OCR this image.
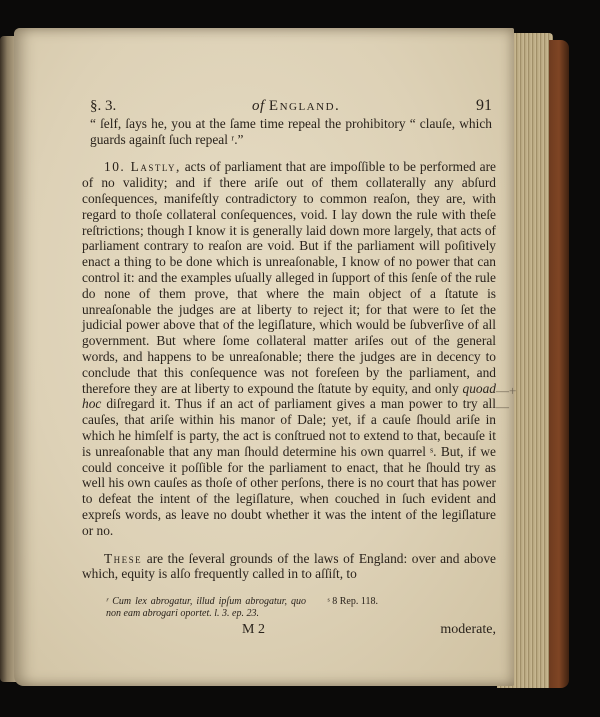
§. 3.	of England.	91

“ ſelf, ſays he, you at the ſame time repeal the prohibitory “ clauſe, which guards againſt ſuch repeal ʳ.”

10. Lastly, acts of parliament that are impoſſible to be performed are of no validity; and if there ariſe out of them collaterally any abſurd conſequences, manifeſtly contradictory to common reaſon, they are, with regard to thoſe collateral conſequences, void. I lay down the rule with theſe reſtrictions; though I know it is generally laid down more largely, that acts of parliament contrary to reaſon are void. But if the parliament will poſitively enact a thing to be done which is unreaſonable, I know of no power that can control it: and the examples uſually alleged in ſupport of this ſenſe of the rule do none of them prove, that where the main object of a ſtatute is unreaſonable the judges are at liberty to reject it; for that were to ſet the judicial power above that of the legiſlature, which would be ſubverſive of all government. But where ſome collateral matter ariſes out of the general words, and happens to be unreaſonable; there the judges are in decency to conclude that this conſequence was not foreſeen by the parliament, and therefore they are at liberty to expound the ſtatute by equity, and only quoad hoc diſregard it. Thus if an act of parliament gives a man power to try all cauſes, that ariſe within his manor of Dale; yet, if a cauſe ſhould ariſe in which he himſelf is party, the act is conſtrued not to extend to that, becauſe it is unreaſonable that any man ſhould determine his own quarrel ˢ. But, if we could conceive it poſſible for the parliament to enact, that he ſhould try as well his own cauſes as thoſe of other perſons, there is no court that has power to defeat the intent of the legiſlature, when couched in ſuch evident and expreſs words, as leave no doubt whether it was the intent of the legiſlature or no.

These are the ſeveral grounds of the laws of England: over and above which, equity is alſo frequently called in to aſſiſt, to

ʳ Cum lex abrogatur, illud ipſum abrogatur, quo non eam abrogari oportet. l. 3. ep. 23.
ˢ 8 Rep. 118.
M 2	moderate,
—+—
